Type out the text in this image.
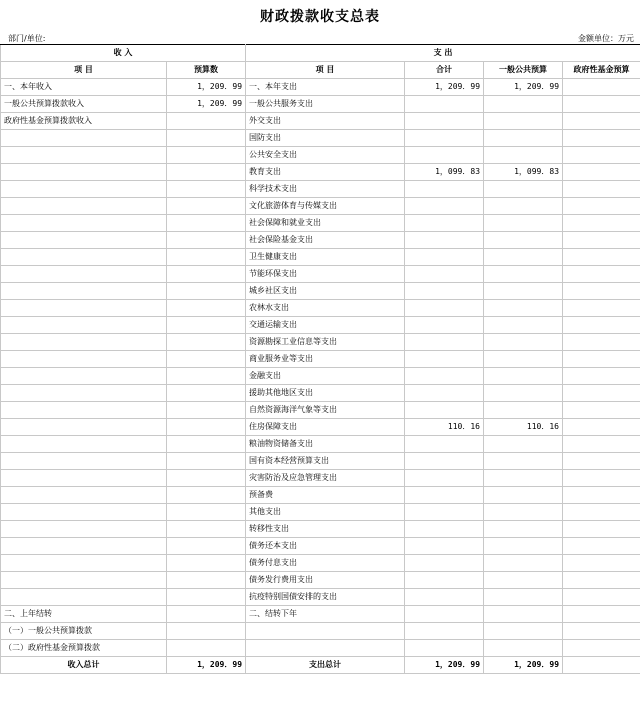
财政拨款收支总表
部门/单位:	金额单位：万元
收 入		支 出			
项 目	预算数	项 目	合计	一般公共预算	政府性基金预算
一、本年收入	1，209．99	一、本年支出	1，209．99	1，209．99	
一般公共预算拨款收入	1，209．99	一般公共服务支出			
政府性基金预算拨款收入		外交支出			
		国防支出			
		公共安全支出			
		教育支出	1，099．83	1，099．83	
		科学技术支出			
		文化旅游体育与传媒支出			
		社会保障和就业支出			
		社会保险基金支出			
		卫生健康支出			
		节能环保支出			
		城乡社区支出			
		农林水支出			
		交通运输支出			
		资源勘探工业信息等支出			
		商业服务业等支出			
		金融支出			
		援助其他地区支出			
		自然资源海洋气象等支出			
		住房保障支出	110．16	110．16	
		粮油物资储备支出			
		国有资本经营预算支出			
		灾害防治及应急管理支出			
		预备费			
		其他支出			
		转移性支出			
		债务还本支出			
		债务付息支出			
		债务发行费用支出			
		抗疫特别国债安排的支出			
二、上年结转		二、结转下年			
（一）一般公共预算拨款					
（二）政府性基金预算拨款					
收入总计	1，209．99	支出总计	1，209．99	1，209．99	
